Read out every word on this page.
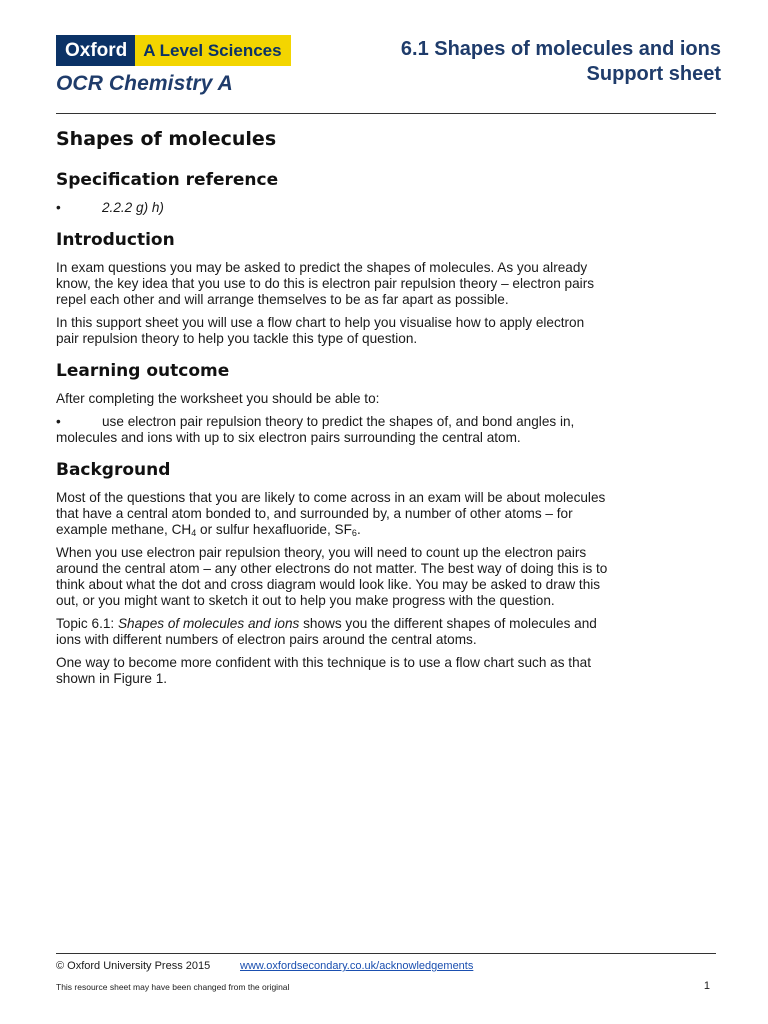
Oxford A Level Sciences
OCR Chemistry A
6.1 Shapes of molecules and ions
Support sheet
Shapes of molecules
Specification reference
•	2.2.2 g) h)
Introduction

In exam questions you may be asked to predict the shapes of molecules. As you already know, the key idea that you use to do this is electron pair repulsion theory – electron pairs repel each other and will arrange themselves to be as far apart as possible.

In this support sheet you will use a flow chart to help you visualise how to apply electron pair repulsion theory to help you tackle this type of question.

Learning outcome

After completing the worksheet you should be able to:

•	use electron pair repulsion theory to predict the shapes of, and bond angles in, molecules and ions with up to six electron pairs surrounding the central atom.
Background

Most of the questions that you are likely to come across in an exam will be about molecules that have a central atom bonded to, and surrounded by, a number of other atoms – for example methane, $CH_4$ or sulfur hexafluoride, $SF_6$.

When you use electron pair repulsion theory, you will need to count up the electron pairs around the central atom – any other electrons do not matter. The best way of doing this is to think about what the dot and cross diagram would look like. You may be asked to draw this out, or you might want to sketch it out to help you make progress with the question.

Topic 6.1: Shapes of molecules and ions shows you the different shapes of molecules and ions with different numbers of electron pairs around the central atoms.

One way to become more confident with this technique is to use a flow chart such as that shown in Figure 1.

© Oxford University Press 2015	www.oxfordsecondary.co.uk/acknowledgements
This resource sheet may have been changed from the original	1
